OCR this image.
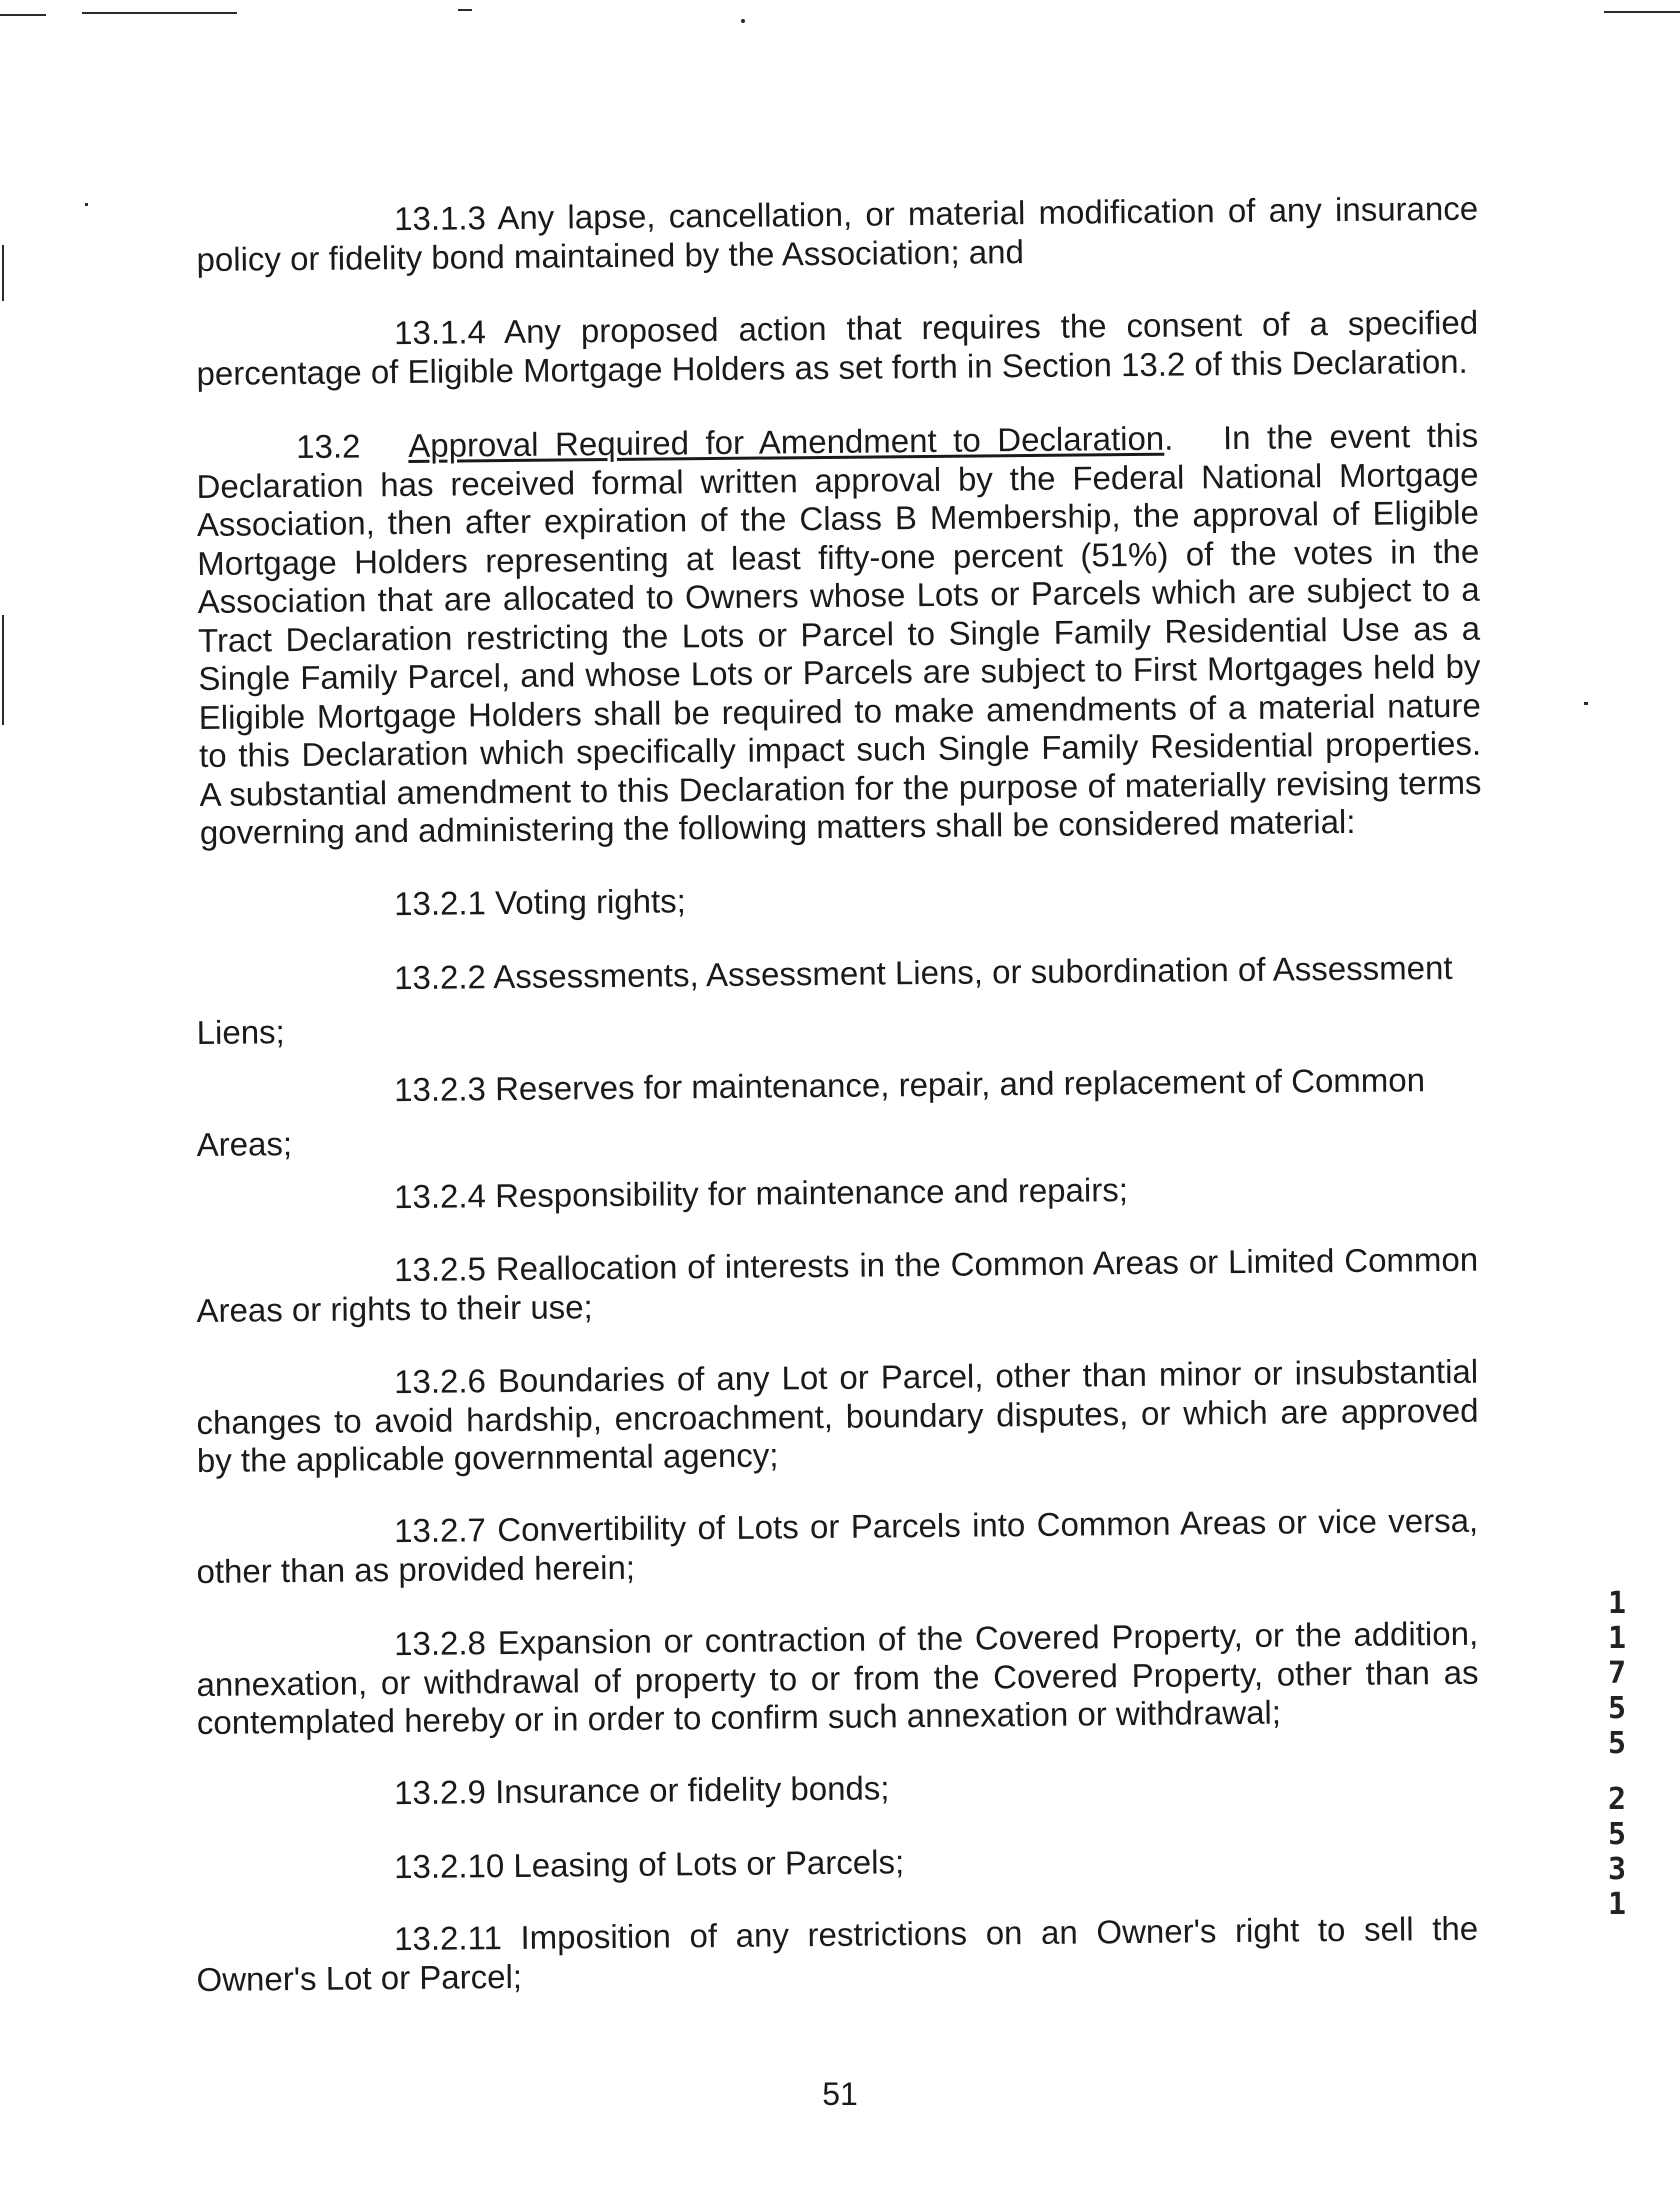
13.1.3 Any lapse, cancellation, or material modification of any insurance policy or fidelity bond maintained by the Association; and
13.1.4 Any proposed action that requires the consent of a specified percentage of Eligible Mortgage Holders as set forth in Section 13.2 of this Declaration.
13.2 Approval Required for Amendment to Declaration. In the event this Declaration has received formal written approval by the Federal National Mortgage Association, then after expiration of the Class B Membership, the approval of Eligible Mortgage Holders representing at least fifty-one percent (51%) of the votes in the Association that are allocated to Owners whose Lots or Parcels which are subject to a Tract Declaration restricting the Lots or Parcel to Single Family Residential Use as a Single Family Parcel, and whose Lots or Parcels are subject to First Mortgages held by Eligible Mortgage Holders shall be required to make amendments of a material nature to this Declaration which specifically impact such Single Family Residential properties. A substantial amendment to this Declaration for the purpose of materially revising terms governing and administering the following matters shall be considered material:
13.2.1 Voting rights;
13.2.2 Assessments, Assessment Liens, or subordination of Assessment
Liens;
13.2.3 Reserves for maintenance, repair, and replacement of Common
Areas;
13.2.4 Responsibility for maintenance and repairs;
13.2.5 Reallocation of interests in the Common Areas or Limited Common Areas or rights to their use;
13.2.6 Boundaries of any Lot or Parcel, other than minor or insubstantial changes to avoid hardship, encroachment, boundary disputes, or which are approved by the applicable governmental agency;
13.2.7 Convertibility of Lots or Parcels into Common Areas or vice versa, other than as provided herein;
13.2.8 Expansion or contraction of the Covered Property, or the addition, annexation, or withdrawal of property to or from the Covered Property, other than as contemplated hereby or in order to confirm such annexation or withdrawal;
13.2.9 Insurance or fidelity bonds;
13.2.10 Leasing of Lots or Parcels;
13.2.11 Imposition of any restrictions on an Owner's right to sell the Owner's Lot or Parcel;
51
1
1
7
5
5
2
5
3
1
